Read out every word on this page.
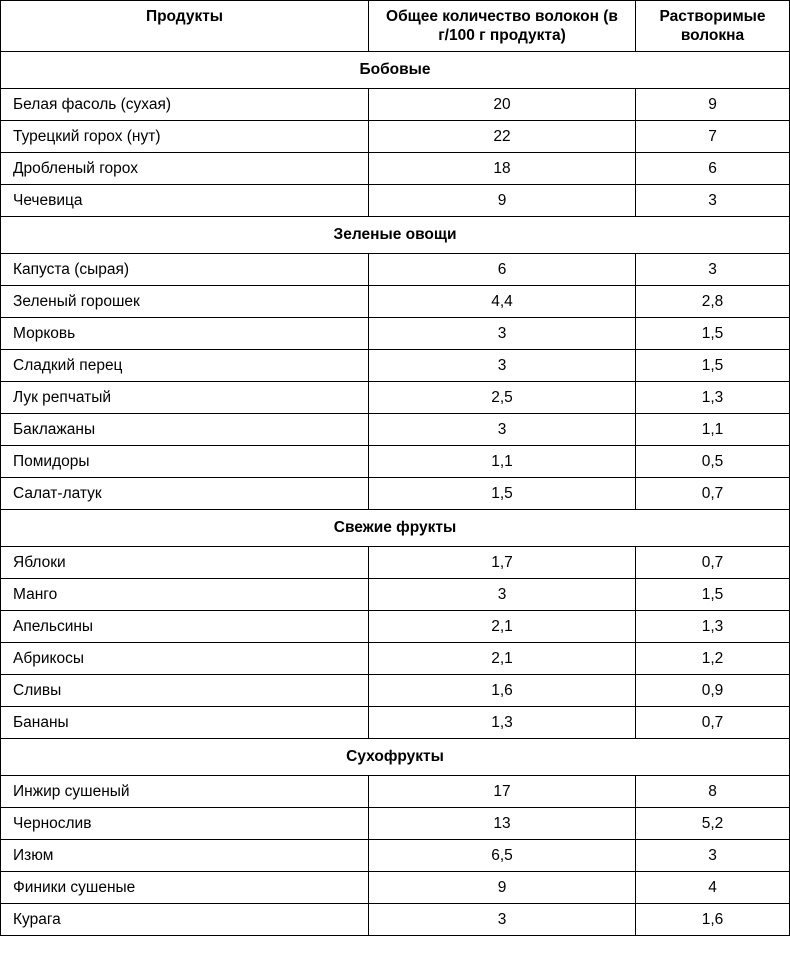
Продукты	Общее количество волокон (в г/100 г продукта)	Растворимые волокна
Бобовые		
Белая фасоль (сухая)	20	9
Турецкий горох (нут)	22	7
Дробленый горох	18	6
Чечевица	9	3
Зеленые овощи		
Капуста (сырая)	6	3
Зеленый горошек	4,4	2,8
Морковь	3	1,5
Сладкий перец	3	1,5
Лук репчатый	2,5	1,3
Баклажаны	3	1,1
Помидоры	1,1	0,5
Салат-латук	1,5	0,7
Свежие фрукты		
Яблоки	1,7	0,7
Манго	3	1,5
Апельсины	2,1	1,3
Абрикосы	2,1	1,2
Сливы	1,6	0,9
Бананы	1,3	0,7
Сухофрукты		
Инжир сушеный	17	8
Чернослив	13	5,2
Изюм	6,5	3
Финики сушеные	9	4
Курага	3	1,6
